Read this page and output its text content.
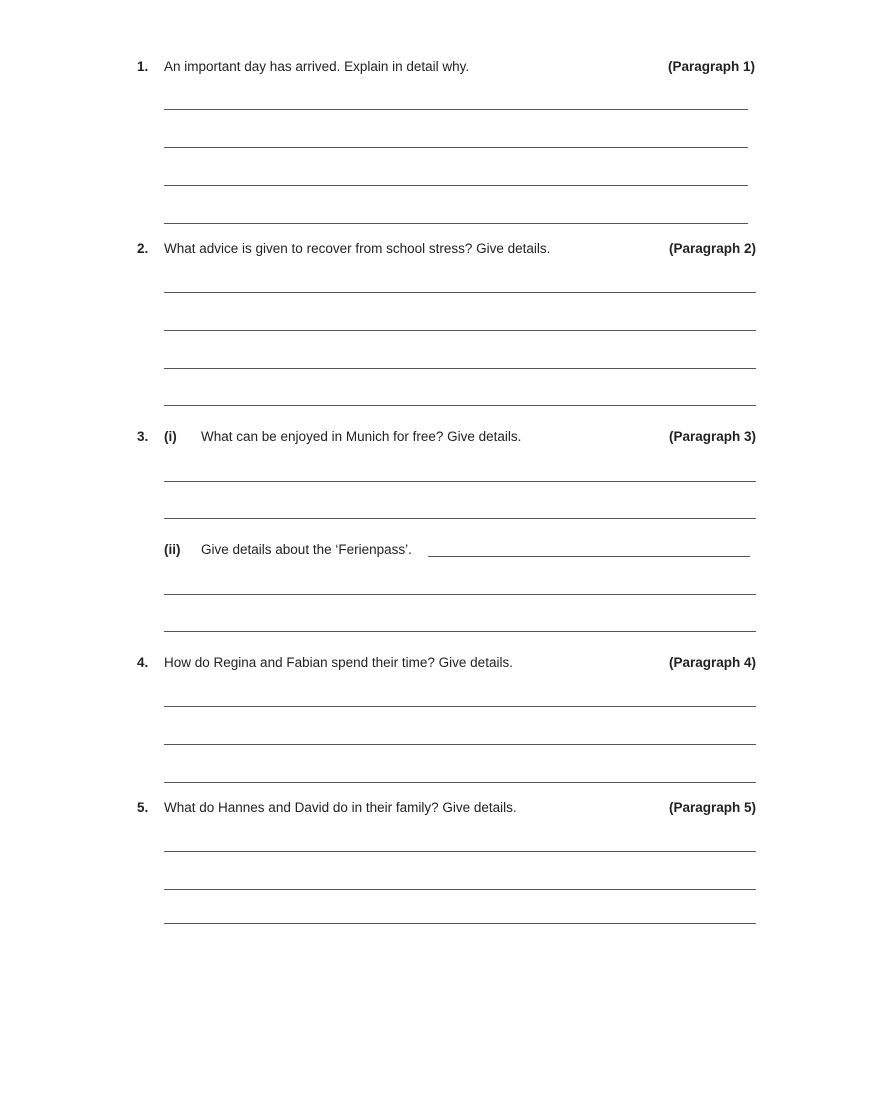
1. An important day has arrived. Explain in detail why.	(Paragraph 1)
2. What advice is given to recover from school stress? Give details.	(Paragraph 2)
3. (i) What can be enjoyed in Munich for free? Give details.	(Paragraph 3)
(ii) Give details about the ‘Ferienpass’.
4. How do Regina and Fabian spend their time? Give details.	(Paragraph 4)
5. What do Hannes and David do in their family? Give details.	(Paragraph 5)
